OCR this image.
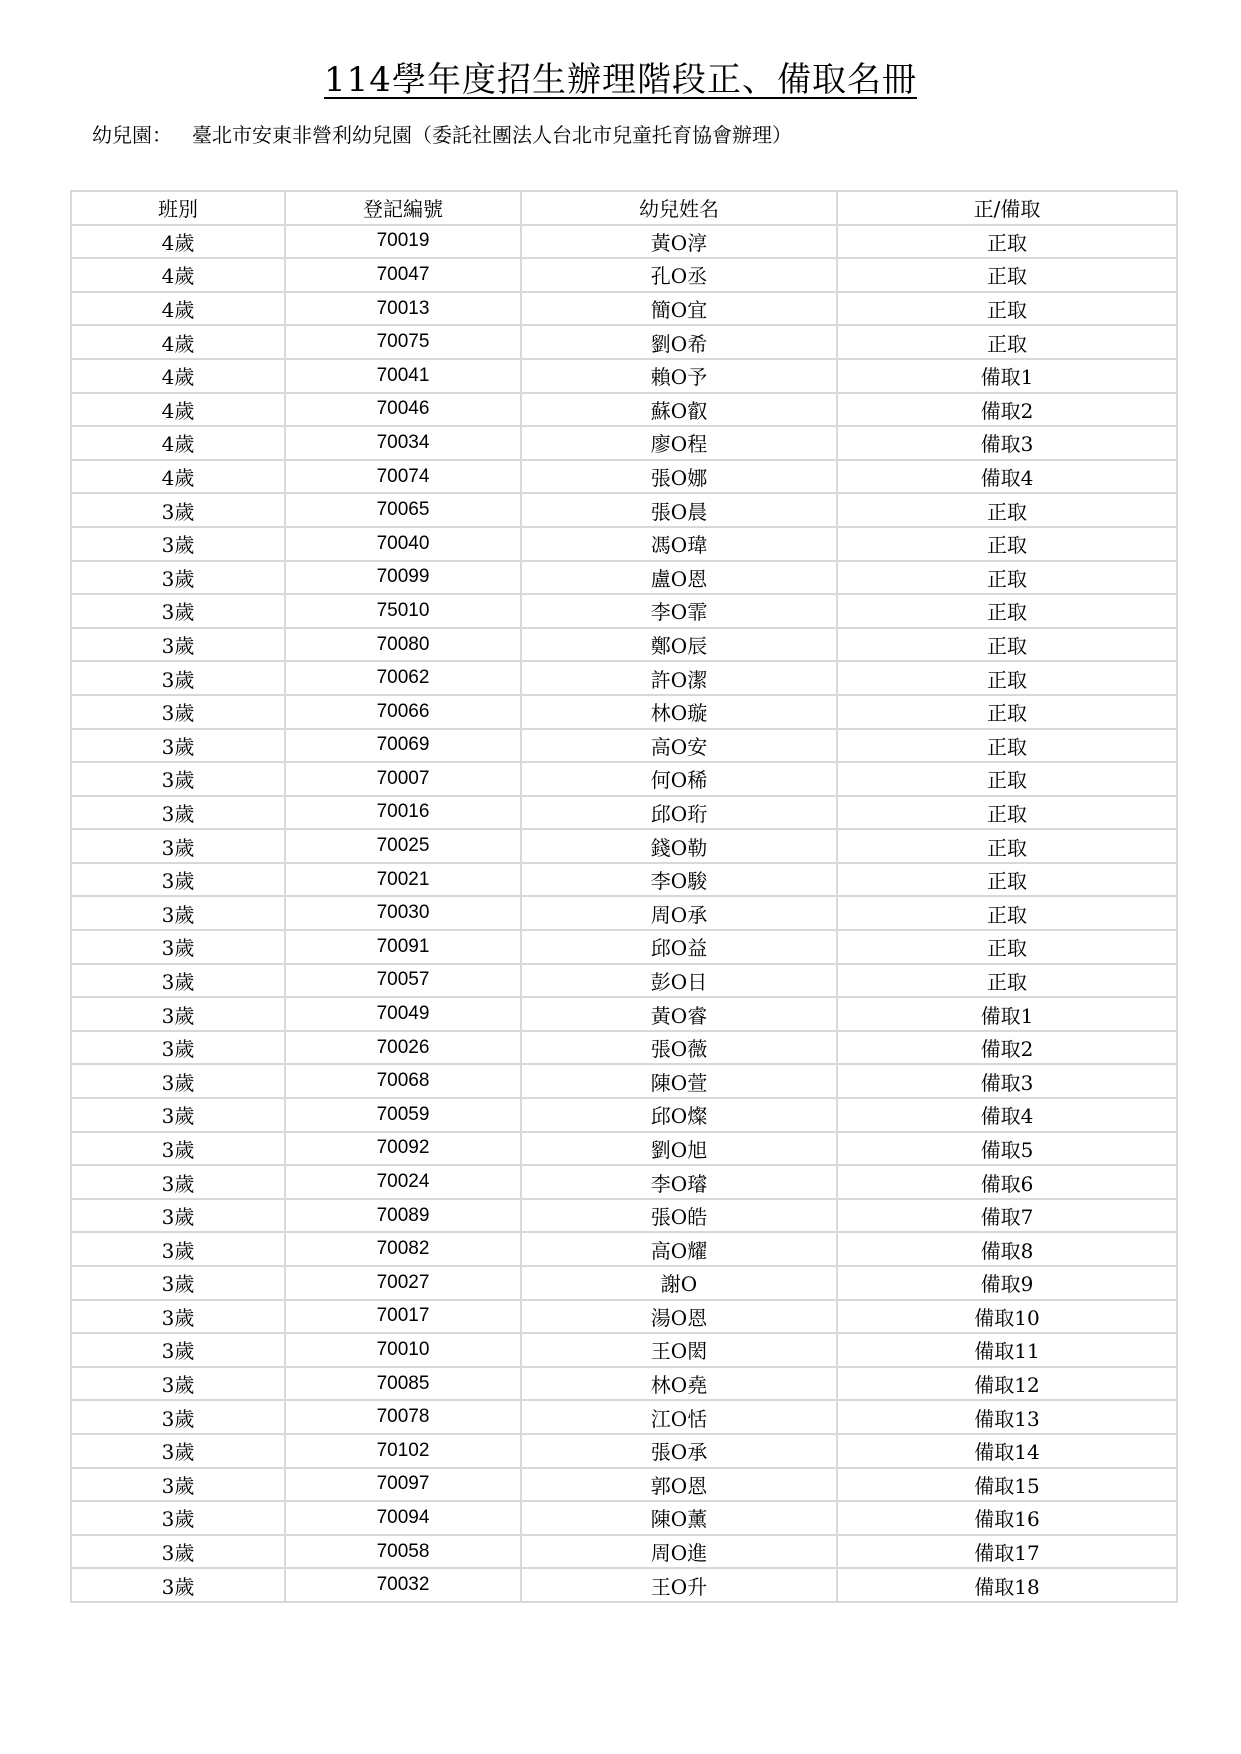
114學年度招生辦理階段正、備取名冊
幼兒園： 臺北市安東非營利幼兒園（委託社團法人台北市兒童托育協會辦理）
班別	登記編號	幼兒姓名	正/備取
4歲	70019	黃O淳	正取
4歲	70047	孔O丞	正取
4歲	70013	簡O宜	正取
4歲	70075	劉O希	正取
4歲	70041	賴O予	備取1
4歲	70046	蘇O叡	備取2
4歲	70034	廖O程	備取3
4歲	70074	張O娜	備取4
3歲	70065	張O晨	正取
3歲	70040	馮O瑋	正取
3歲	70099	盧O恩	正取
3歲	75010	李O霏	正取
3歲	70080	鄭O辰	正取
3歲	70062	許O潔	正取
3歲	70066	林O璇	正取
3歲	70069	高O安	正取
3歲	70007	何O稀	正取
3歲	70016	邱O珩	正取
3歲	70025	錢O勒	正取
3歲	70021	李O駿	正取
3歲	70030	周O承	正取
3歲	70091	邱O益	正取
3歲	70057	彭O日	正取
3歲	70049	黃O睿	備取1
3歲	70026	張O薇	備取2
3歲	70068	陳O萱	備取3
3歲	70059	邱O燦	備取4
3歲	70092	劉O旭	備取5
3歲	70024	李O璿	備取6
3歲	70089	張O皓	備取7
3歲	70082	高O耀	備取8
3歲	70027	謝O	備取9
3歲	70017	湯O恩	備取10
3歲	70010	王O閎	備取11
3歲	70085	林O堯	備取12
3歲	70078	江O恬	備取13
3歲	70102	張O承	備取14
3歲	70097	郭O恩	備取15
3歲	70094	陳O薰	備取16
3歲	70058	周O進	備取17
3歲	70032	王O升	備取18
